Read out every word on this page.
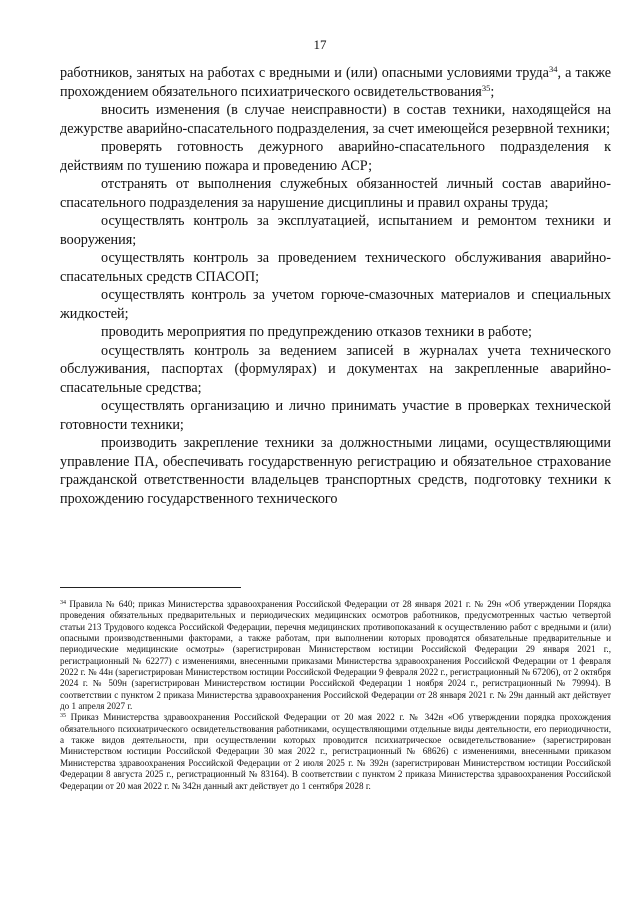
17

работников, занятых на работах с вредными и (или) опасными условиями труда$^{34}$, а также прохождением обязательного психиатрического освидетельствования$^{35}$;

вносить изменения (в случае неисправности) в состав техники, находящейся на дежурстве аварийно-спасательного подразделения, за счет имеющейся резервной техники;

проверять готовность дежурного аварийно-спасательного подразделения к действиям по тушению пожара и проведению АСР;

отстранять от выполнения служебных обязанностей личный состав аварийно-спасательного подразделения за нарушение дисциплины и правил охраны труда;

осуществлять контроль за эксплуатацией, испытанием и ремонтом техники и вооружения;

осуществлять контроль за проведением технического обслуживания аварийно-спасательных средств СПАСОП;

осуществлять контроль за учетом горюче-смазочных материалов и специальных жидкостей;

проводить мероприятия по предупреждению отказов техники в работе;

осуществлять контроль за ведением записей в журналах учета технического обслуживания, паспортах (формулярах) и документах на закрепленные аварийно-спасательные средства;

осуществлять организацию и лично принимать участие в проверках технической готовности техники;

производить закрепление техники за должностными лицами, осуществляющими управление ПА, обеспечивать государственную регистрацию и обязательное страхование гражданской ответственности владельцев транспортных средств, подготовку техники к прохождению государственного технического

$^{34}$ Правила № 640; приказ Министерства здравоохранения Российской Федерации от 28 января 2021 г. № 29н «Об утверждении Порядка проведения обязательных предварительных и периодических медицинских осмотров работников, предусмотренных частью четвертой статьи 213 Трудового кодекса Российской Федерации, перечня медицинских противопоказаний к осуществлению работ с вредными и (или) опасными производственными факторами, а также работам, при выполнении которых проводятся обязательные предварительные и периодические медицинские осмотры» (зарегистрирован Министерством юстиции Российской Федерации 29 января 2021 г., регистрационный № 62277) с изменениями, внесенными приказами Министерства здравоохранения Российской Федерации от 1 февраля 2022 г. № 44н (зарегистрирован Министерством юстиции Российской Федерации 9 февраля 2022 г., регистрационный № 67206), от 2 октября 2024 г. № 509н (зарегистрирован Министерством юстиции Российской Федерации 1 ноября 2024 г., регистрационный № 79994). В соответствии с пунктом 2 приказа Министерства здравоохранения Российской Федерации от 28 января 2021 г. № 29н данный акт действует до 1 апреля 2027 г.

$^{35}$ Приказ Министерства здравоохранения Российской Федерации от 20 мая 2022 г. № 342н «Об утверждении порядка прохождения обязательного психиатрического освидетельствования работниками, осуществляющими отдельные виды деятельности, его периодичности, а также видов деятельности, при осуществлении которых проводится психиатрическое освидетельствование» (зарегистрирован Министерством юстиции Российской Федерации 30 мая 2022 г., регистрационный № 68626) с изменениями, внесенными приказом Министерства здравоохранения Российской Федерации от 2 июля 2025 г. № 392н (зарегистрирован Министерством юстиции Российской Федерации 8 августа 2025 г., регистрационный № 83164). В соответствии с пунктом 2 приказа Министерства здравоохранения Российской Федерации от 20 мая 2022 г. № 342н данный акт действует до 1 сентября 2028 г.
